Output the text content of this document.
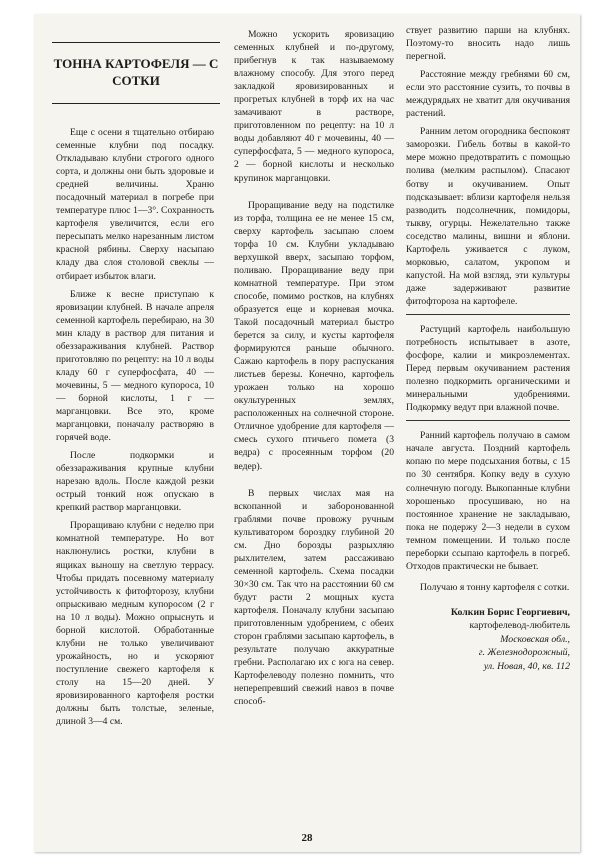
ТОННА КАРТОФЕЛЯ — С СОТКИ

Еще с осени я тщательно отбираю семенные клубни под посадку. Откладываю клубни строгого одного сорта, и должны они быть здоровые и средней величины. Храню посадочный материал в погребе при температуре плюс 1—3°. Сохранность картофеля увеличится, если его пересыпать мелко нарезанным листом красной рябины. Сверху насыпаю кладу два слоя столовой свеклы — отбирает избыток влаги.

Ближе к весне приступаю к яровизации клубней. В начале апреля семенной картофель перебираю, на 30 мин кладу в раствор для питания и обеззараживания клубней. Раствор приготовляю по рецепту: на 10 л воды кладу 60 г суперфосфата, 40 — мочевины, 5 — медного купороса, 10 — борной кислоты, 1 г — марганцовки. Все это, кроме марганцовки, поначалу растворяю в горячей воде.

После подкормки и обеззараживания крупные клубни нарезаю вдоль. После каждой резки острый тонкий нож опускаю в крепкий раствор марганцовки.

Проращиваю клубни с неделю при комнатной температуре. Но вот наклюнулись ростки, клубни в ящиках выношу на светлую террасу. Чтобы придать посевному материалу устойчивость к фитофторозу, клубни опрыскиваю медным купоросом (2 г на 10 л воды). Можно опрыснуть и борной кислотой. Обработанные клубни не только увеличивают урожайность, но и ускоряют поступление свежего картофеля к столу на 15—20 дней. У яровизированного картофеля ростки должны быть толстые, зеленые, длиной 3—4 см.

Можно ускорить яровизацию семенных клубней и по-другому, прибегнув к так называемому влажному способу. Для этого перед закладкой яровизированных и прогретых клубней в торф их на час замачивают в растворе, приготовленном по рецепту: на 10 л воды добавляют 40 г мочевины, 40 — суперфосфата, 5 — медного купороса, 2 — борной кислоты и несколько крупинок марганцовки.

Проращивание веду на подстилке из торфа, толщина ее не менее 15 см, сверху картофель засыпаю слоем торфа 10 см. Клубни укладываю верхушкой вверх, засыпаю торфом, поливаю. Проращивание веду при комнатной температуре. При этом способе, помимо ростков, на клубнях образуется еще и корневая мочка. Такой посадочный материал быстро берется за силу, и кусты картофеля формируются раньше обычного. Сажаю картофель в пору распускания листьев березы. Конечно, картофель урожаен только на хорошо окультуренных землях, расположенных на солнечной стороне. Отличное удобрение для картофеля — смесь сухого птичьего помета (3 ведра) с просеянным торфом (20 ведер).

В первых числах мая на вскопанной и заборонованной граблями почве провожу ручным культиватором бороздку глубиной 20 см. Дно борозды разрыхляю рыхлителем, затем рассаживаю семенной картофель. Схема посадки 30×30 см. Так что на расстоянии 60 см будут расти 2 мощных куста картофеля. Поначалу клубни засыпаю приготовленным удобрением, с обеих сторон граблями засыпаю картофель, в результате получаю аккуратные гребни. Располагаю их с юга на север. Картофелеводу полезно помнить, что неперепревший свежий навоз в почве способ-

ствует развитию парши на клубнях. Поэтому-то вносить надо лишь перегной.

Расстояние между гребнями 60 см, если это расстояние сузить, то почвы в междурядьях не хватит для окучивания растений.

Ранним летом огородника беспокоят заморозки. Гибель ботвы в какой-то мере можно предотвратить с помощью полива (мелким распылом). Спасают ботву и окучиванием. Опыт подсказывает: вблизи картофеля нельзя разводить подсолнечник, помидоры, тыкву, огурцы. Нежелательно также соседство малины, вишни и яблони. Картофель уживается с луком, морковью, салатом, укропом и капустой. На мой взгляд, эти культуры даже задерживают развитие фитофтороза на картофеле.

Растущий картофель наибольшую потребность испытывает в азоте, фосфоре, калии и микроэлементах. Перед первым окучиванием растения полезно подкормить органическими и минеральными удобрениями. Подкормку ведут при влажной почве.

Ранний картофель получаю в самом начале августа. Поздний картофель копаю по мере подсыхания ботвы, с 15 по 30 сентября. Копку веду в сухую солнечную погоду. Выкопанные клубни хорошенько просушиваю, но на постоянное хранение не закладываю, пока не подержу 2—3 недели в сухом темном помещении. И только после переборки ссыпаю картофель в погреб. Отходов практически не бывает.

Получаю я тонну картофеля с сотки.

Колкин Борис Георгиевич,
картофелевод-любитель
Московская обл.,
г. Железнодорожный,
ул. Новая, 40, кв. 112
28
